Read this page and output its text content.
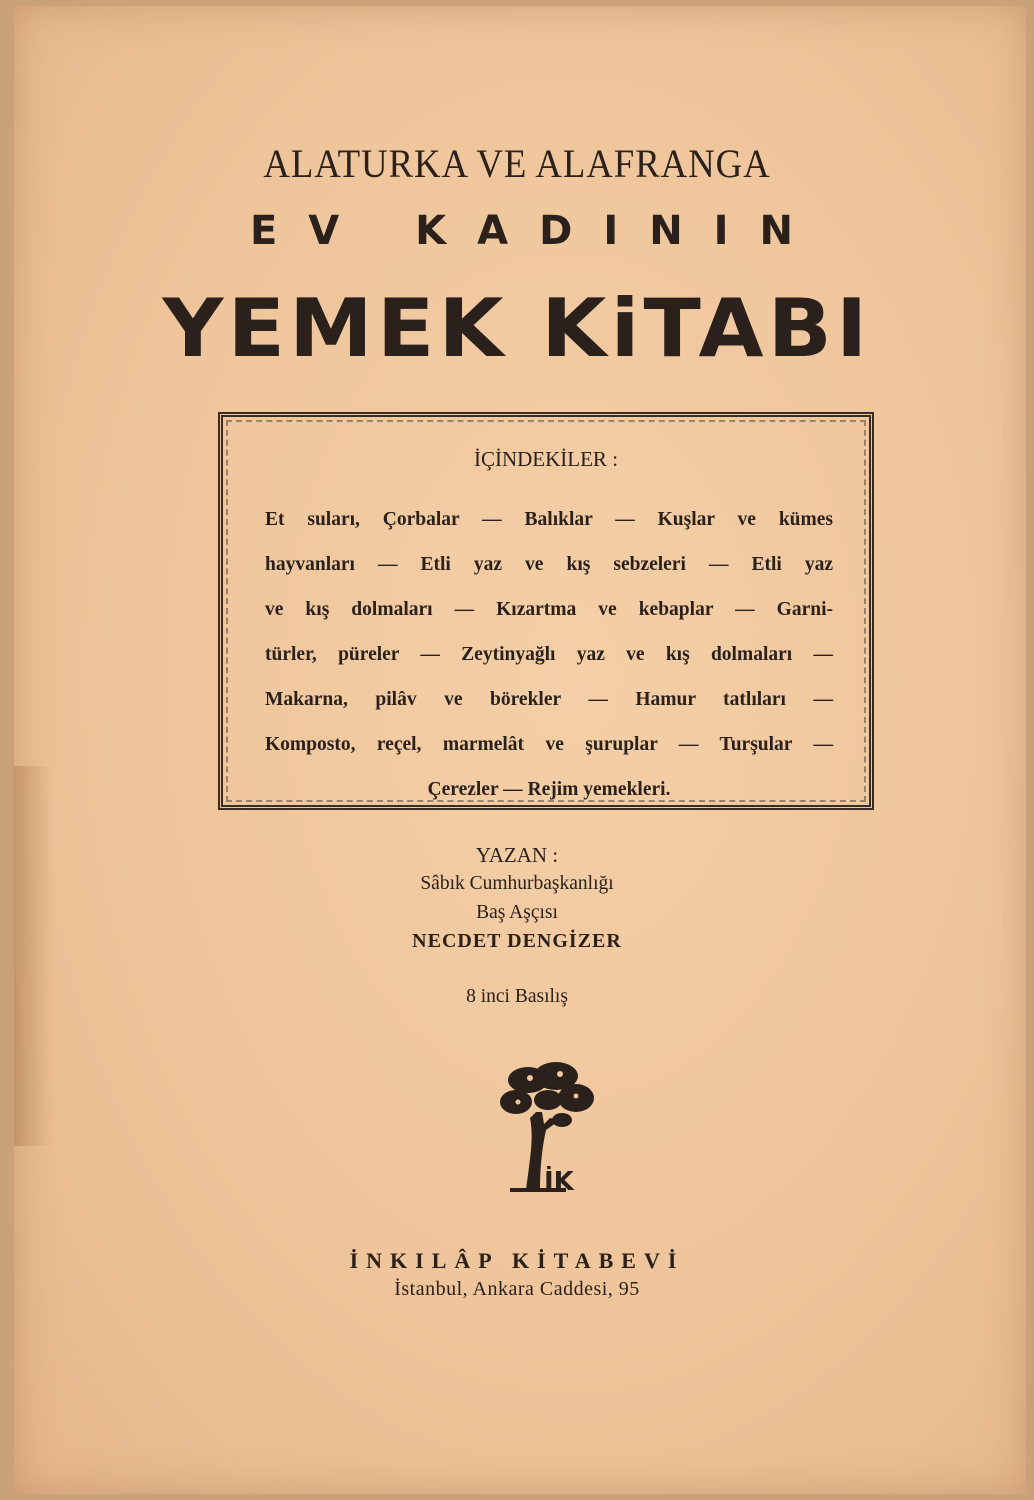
ALATURKA VE ALAFRANGA
EV KADININ
YEMEK KiTABI
İÇİNDEKİLER :
Et suları, Çorbalar — Balıklar — Kuşlar ve kümes
hayvanları — Etli yaz ve kış sebzeleri — Etli yaz
ve kış dolmaları — Kızartma ve kebaplar — Garni-
türler, püreler — Zeytinyağlı yaz ve kış dolmaları —
Makarna, pilâv ve börekler — Hamur tatlıları —
Komposto, reçel, marmelât ve şuruplar — Turşular —
Çerezler — Rejim yemekleri.
YAZAN :
Sâbık Cumhurbaşkanlığı
Baş Aşçısı
NECDET DENGİZER
8 inci Basılış
İK
İNKILÂP KİTABEVİ
İstanbul, Ankara Caddesi, 95
